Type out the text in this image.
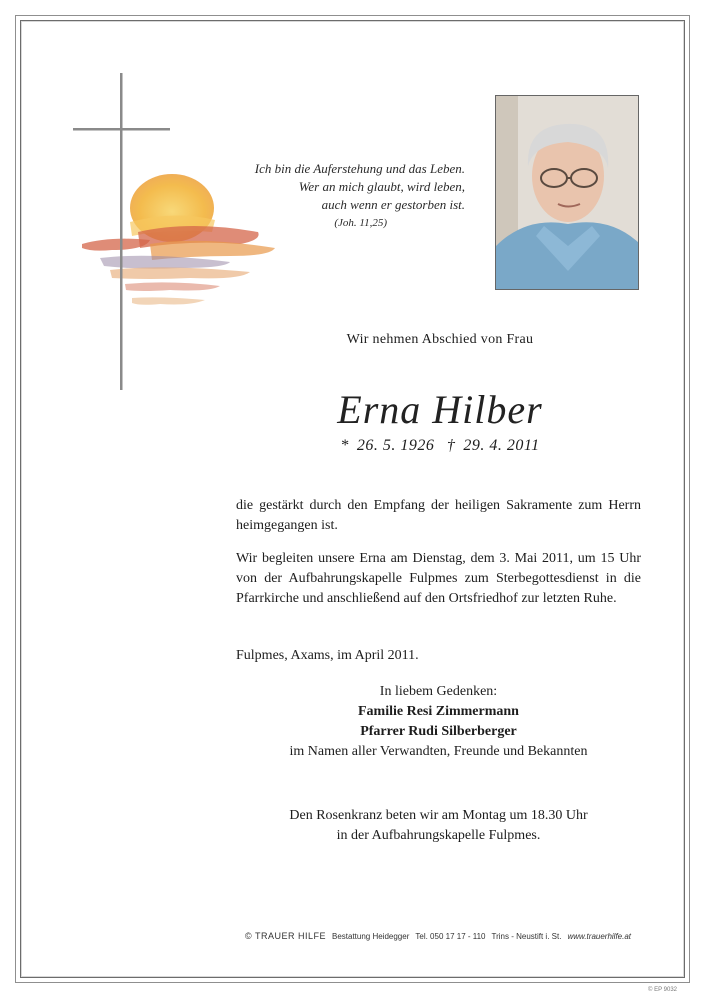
Ich bin die Auferstehung und das Leben.
Wer an mich glaubt, wird leben,
auch wenn er gestorben ist.
(Joh. 11,25)
Wir nehmen Abschied von Frau
Erna Hilber
* 26. 5. 1926 † 29. 4. 2011
die gestärkt durch den Empfang der heiligen Sakramente zum Herrn heimgegangen ist.
Wir begleiten unsere Erna am Dienstag, dem 3. Mai 2011, um 15 Uhr von der Aufbahrungskapelle Fulpmes zum Sterbegottesdienst in die Pfarrkirche und anschließend auf den Ortsfriedhof zur letzten Ruhe.
Fulpmes, Axams, im April 2011.
In liebem Gedenken:
Familie Resi Zimmermann
Pfarrer Rudi Silberberger
im Namen aller Verwandten, Freunde und Bekannten
Den Rosenkranz beten wir am Montag um 18.30 Uhr
in der Aufbahrungskapelle Fulpmes.
© TRAUER HILFE Bestattung Heidegger Tel. 050 17 17 - 110 Trins - Neustift i. St. www.trauerhilfe.at
© EP 9032
